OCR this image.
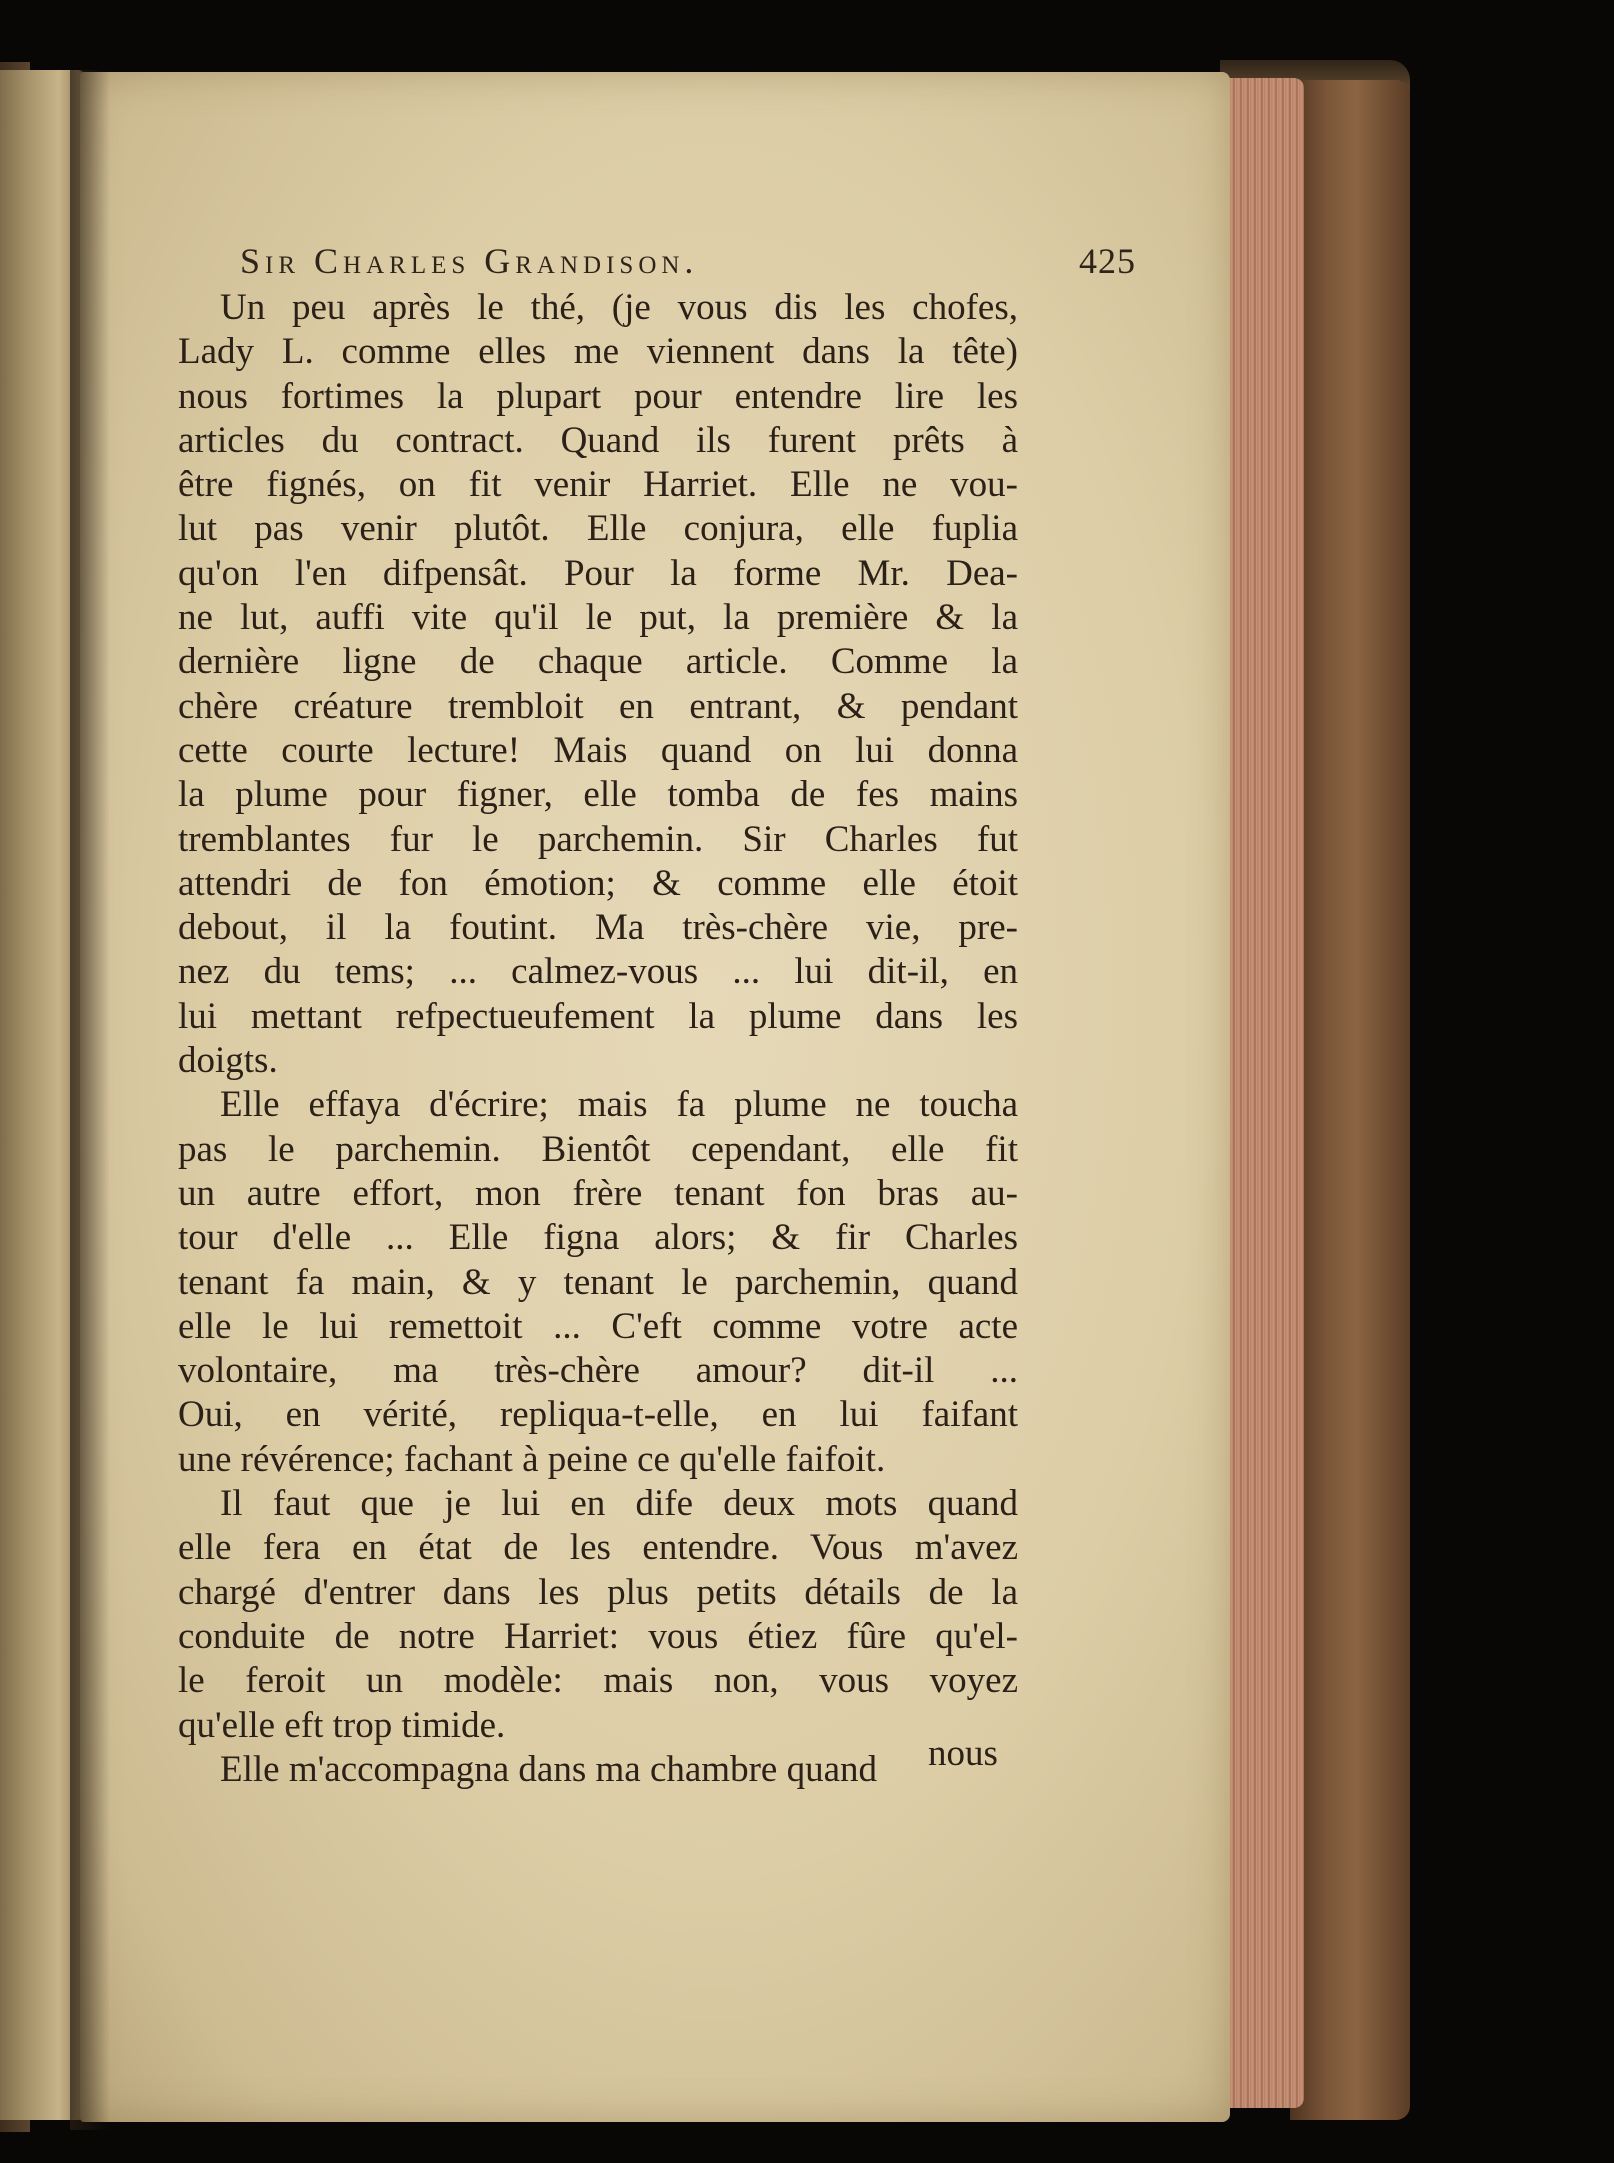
Sir Charles Grandison.	425
Un peu après le thé, (je vous dis les chofes,
Lady L. comme elles me viennent dans la tête)
nous fortimes la plupart pour entendre lire les
articles du contract. Quand ils furent prêts à
être fignés, on fit venir Harriet. Elle ne vou-
lut pas venir plutôt. Elle conjura, elle fuplia
qu'on l'en difpensât. Pour la forme Mr. Dea-
ne lut, auffi vite qu'il le put, la première & la
dernière ligne de chaque article. Comme la
chère créature trembloit en entrant, & pendant
cette courte lecture! Mais quand on lui donna
la plume pour figner, elle tomba de fes mains
tremblantes fur le parchemin. Sir Charles fut
attendri de fon émotion; & comme elle étoit
debout, il la foutint. Ma très-chère vie, pre-
nez du tems; ... calmez-vous ... lui dit-il, en
lui mettant refpectueufement la plume dans les
doigts.
Elle effaya d'écrire; mais fa plume ne toucha
pas le parchemin. Bientôt cependant, elle fit
un autre effort, mon frère tenant fon bras au-
tour d'elle ... Elle figna alors; & fir Charles
tenant fa main, & y tenant le parchemin, quand
elle le lui remettoit ... C'eft comme votre acte
volontaire, ma très-chère amour? dit-il ...
Oui, en vérité, repliqua-t-elle, en lui faifant
une révérence; fachant à peine ce qu'elle faifoit.
Il faut que je lui en dife deux mots quand
elle fera en état de les entendre. Vous m'avez
chargé d'entrer dans les plus petits détails de la
conduite de notre Harriet: vous étiez fûre qu'el-
le feroit un modèle: mais non, vous voyez
qu'elle eft trop timide.
Elle m'accompagna dans ma chambre quand	nous
